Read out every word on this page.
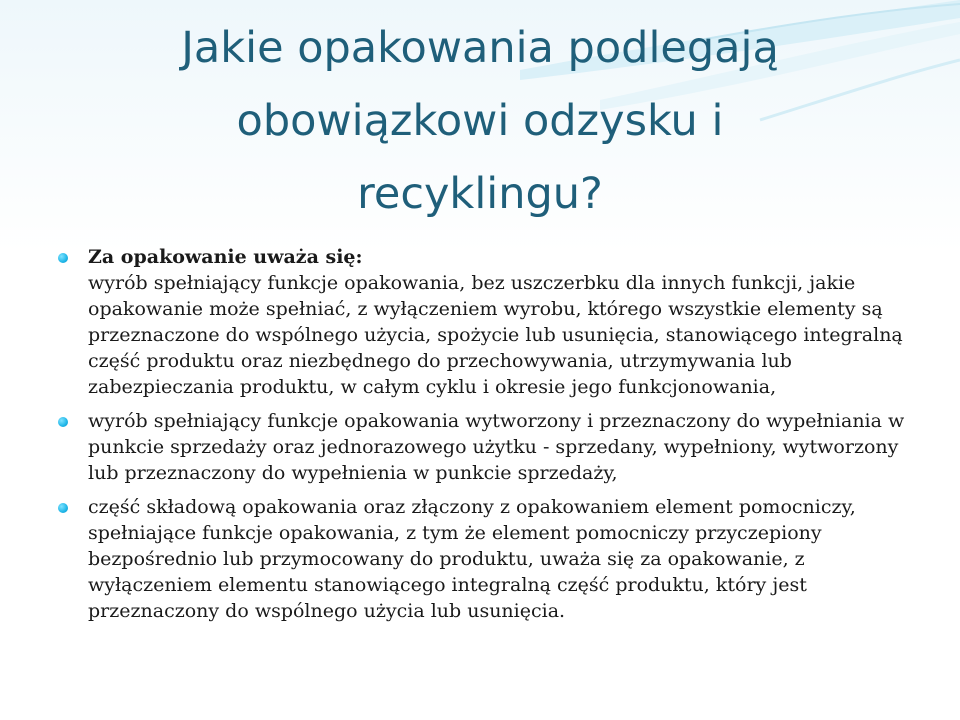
Jakie opakowania podlegają obowiązkowi odzysku i recyklingu?
Za opakowanie uważa się:
wyrób spełniający funkcje opakowania, bez uszczerbku dla innych funkcji, jakie opakowanie może spełniać, z wyłączeniem wyrobu, którego wszystkie elementy są przeznaczone do wspólnego użycia, spożycie lub usunięcia, stanowiącego integralną część produktu oraz niezbędnego do przechowywania, utrzymywania lub zabezpieczania produktu, w całym cyklu i okresie jego funkcjonowania,
wyrób spełniający funkcje opakowania wytworzony i przeznaczony do wypełniania w punkcie sprzedaży oraz jednorazowego użytku - sprzedany, wypełniony, wytworzony lub przeznaczony do wypełnienia w punkcie sprzedaży,
część składową opakowania oraz złączony z opakowaniem element pomocniczy, spełniające funkcje opakowania, z tym że element pomocniczy przyczepiony bezpośrednio lub przymocowany do produktu, uważa się za opakowanie, z wyłączeniem elementu stanowiącego integralną część produktu, który jest przeznaczony do wspólnego użycia lub usunięcia.
